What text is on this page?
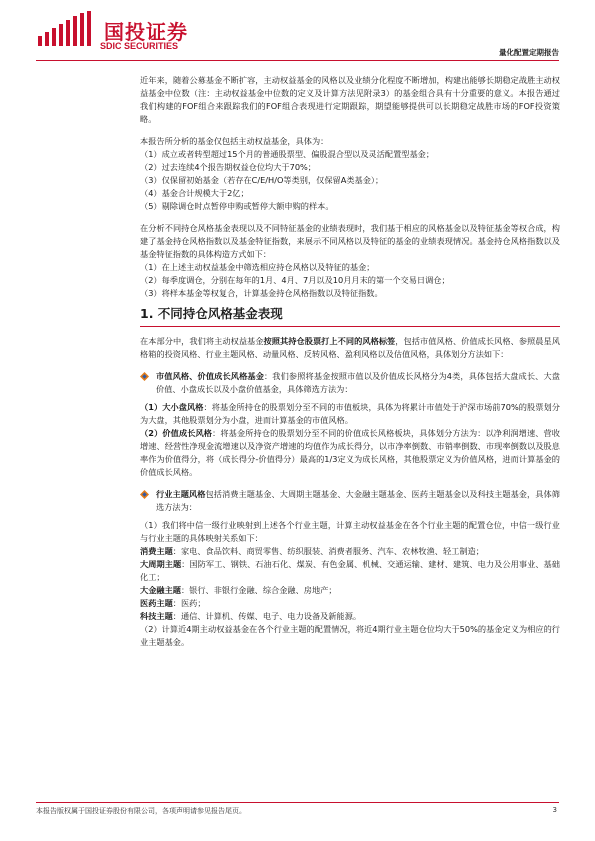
国投证券
SDIC SECURITIES
量化配置定期报告

近年来，随着公募基金不断扩容，主动权益基金的风格以及业绩分化程度不断增加，构建出能够长期稳定战胜主动权益基金中位数（注：主动权益基金中位数的定义及计算方法见附录3）的基金组合具有十分重要的意义。本报告通过我们构建的FOF组合来跟踪我们的FOF组合表现进行定期跟踪，期望能够提供可以长期稳定战胜市场的FOF投资策略。

本报告所分析的基金仅包括主动权益基金，具体为：

（1）成立或者转型超过15个月的普通股票型、偏股混合型以及灵活配置型基金；

（2）过去连续4个报告期权益仓位均大于70%；

（3）仅保留初始基金（若存在C/E/H/O等类别，仅保留A类基金）；

（4）基金合计规模大于2亿；

（5）剔除调仓时点暂停申购或暂停大额申购的样本。

在分析不同持仓风格基金表现以及不同特征基金的业绩表现时，我们基于相应的风格基金以及特征基金等权合成，构建了基金持仓风格指数以及基金特征指数，来展示不同风格以及特征的基金的业绩表现情况。基金持仓风格指数以及基金特征指数的具体构造方式如下：

（1）在上述主动权益基金中筛选相应持仓风格以及特征的基金；

（2）每季度调仓，分别在每年的1月、4月、7月以及10月月末的第一个交易日调仓；

（3）将样本基金等权复合，计算基金持仓风格指数以及特征指数。

1. 不同持仓风格基金表现

在本部分中，我们将主动权益基金按照其持仓股票打上不同的风格标签，包括市值风格、价值成长风格、参照晨星风格箱的投资风格、行业主题风格、动量风格、反转风格、盈利风格以及估值风格，具体划分方法如下：

市值风格、价值成长风格基金：我们参照将基金按照市值以及价值成长风格分为4类，具体包括大盘成长、大盘价值、小盘成长以及小盘价值基金，具体筛选方法为：

（1）大小盘风格：将基金所持仓的股票划分至不同的市值板块，具体为将累计市值处于沪深市场前70%的股票划分为大盘，其他股票划分为小盘，进而计算基金的市值风格。

（2）价值成长风格：将基金所持仓的股票划分至不同的价值成长风格板块，具体划分方法为：以净利润增速、营收增速、经营性净现金流增速以及净资产增速的均值作为成长得分，以市净率倒数、市销率倒数、市现率倒数以及股息率作为价值得分，将（成长得分-价值得分）最高的1/3定义为成长风格，其他股票定义为价值风格，进而计算基金的价值成长风格。

行业主题风格包括消费主题基金、大周期主题基金、大金融主题基金、医药主题基金以及科技主题基金，具体筛选方法为：

（1）我们将中信一级行业映射到上述各个行业主题，计算主动权益基金在各个行业主题的配置仓位，中信一级行业与行业主题的具体映射关系如下：

消费主题：家电、食品饮料、商贸零售、纺织服装、消费者服务、汽车、农林牧渔、轻工制造；

大周期主题：国防军工、钢铁、石油石化、煤炭、有色金属、机械、交通运输、建材、建筑、电力及公用事业、基础化工；

大金融主题：银行、非银行金融、综合金融、房地产；

医药主题：医药；

科技主题：通信、计算机、传媒、电子、电力设备及新能源。

（2）计算近4期主动权益基金在各个行业主题的配置情况，将近4期行业主题仓位均大于50%的基金定义为相应的行业主题基金。

本报告版权属于国投证券股份有限公司，各项声明请参见报告尾页。	3
